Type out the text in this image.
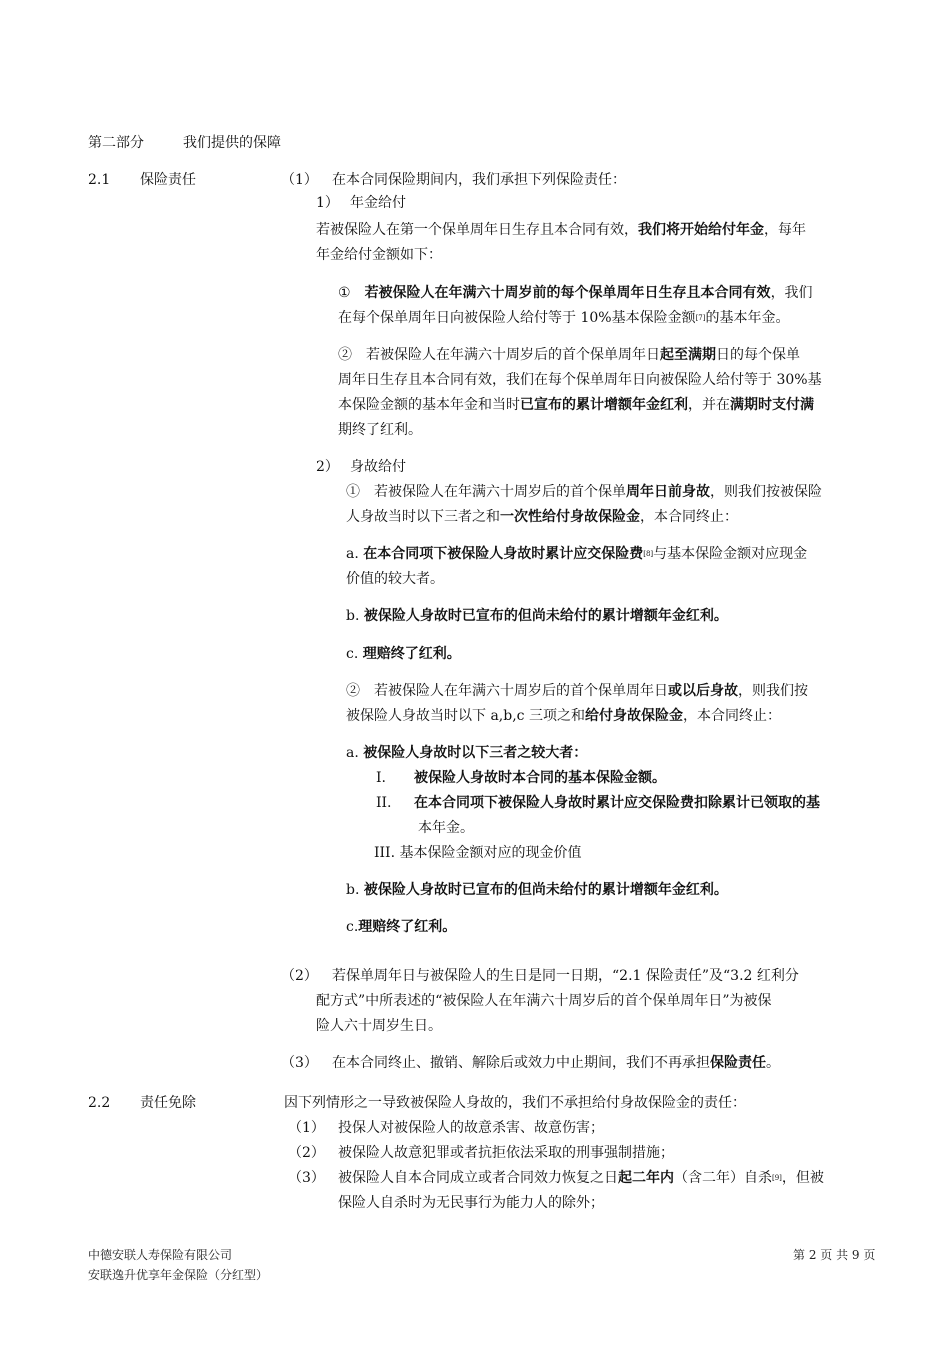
第二部分	我们提供的保障
2.1 保险责任	（1） 在本合同保险期间内，我们承担下列保险责任：
1） 年金给付
若被保险人在第一个保单周年日生存且本合同有效，我们将开始给付年金，每年
年金给付金额如下：
①　若被保险人在年满六十周岁前的每个保单周年日生存且本合同有效，我们
在每个保单周年日向被保险人给付等于 10%基本保险金额[7]的基本年金。
②　若被保险人在年满六十周岁后的首个保单周年日起至满期日的每个保单
周年日生存且本合同有效，我们在每个保单周年日向被保险人给付等于 30%基
本保险金额的基本年金和当时已宣布的累计增额年金红利，并在满期时支付满
期终了红利。
2） 身故给付
①　若被保险人在年满六十周岁后的首个保单周年日前身故，则我们按被保险
人身故当时以下三者之和一次性给付身故保险金，本合同终止：
a. 在本合同项下被保险人身故时累计应交保险费[8]与基本保险金额对应现金
价值的较大者。
b. 被保险人身故时已宣布的但尚未给付的累计增额年金红利。
c. 理赔终了红利。
②　若被保险人在年满六十周岁后的首个保单周年日或以后身故，则我们按
被保险人身故当时以下 a,b,c 三项之和给付身故保险金，本合同终止：
a. 被保险人身故时以下三者之较大者：
I. 被保险人身故时本合同的基本保险金额。
II. 在本合同项下被保险人身故时累计应交保险费扣除累计已领取的基
本年金。
III. 基本保险金额对应的现金价值
b. 被保险人身故时已宣布的但尚未给付的累计增额年金红利。
c.理赔终了红利。
（2） 若保单周年日与被保险人的生日是同一日期，“2.1 保险责任”及“3.2 红利分
配方式”中所表述的“被保险人在年满六十周岁后的首个保单周年日”为被保
险人六十周岁生日。
（3） 在本合同终止、撤销、解除后或效力中止期间，我们不再承担保险责任。
2.2 责任免除	因下列情形之一导致被保险人身故的，我们不承担给付身故保险金的责任：
（1） 投保人对被保险人的故意杀害、故意伤害；
（2） 被保险人故意犯罪或者抗拒依法采取的刑事强制措施；
（3） 被保险人自本合同成立或者合同效力恢复之日起二年内（含二年）自杀[9]，但被
保险人自杀时为无民事行为能力人的除外；
中德安联人寿保险有限公司
安联逸升优享年金保险（分红型）
第 2 页 共 9 页
